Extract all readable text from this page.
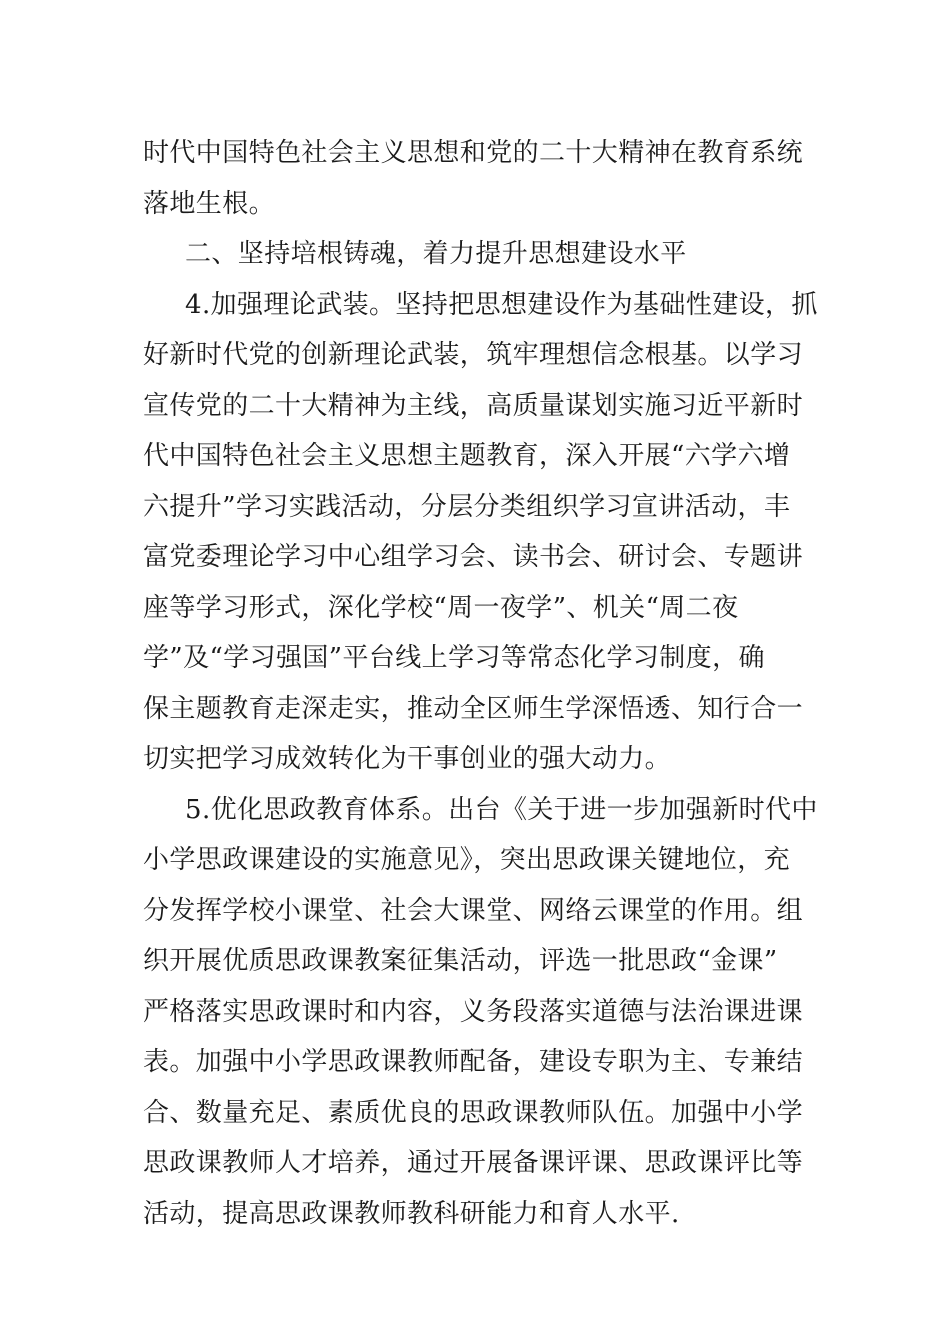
时代中国特色社会主义思想和党的二十大精神在教育系统
落地生根。
二、坚持培根铸魂，着力提升思想建设水平
4.加强理论武装。坚持把思想建设作为基础性建设，抓
好新时代党的创新理论武装，筑牢理想信念根基。以学习
宣传党的二十大精神为主线，高质量谋划实施习近平新时
代中国特色社会主义思想主题教育，深入开展“六学六增
六提升”学习实践活动，分层分类组织学习宣讲活动，丰
富党委理论学习中心组学习会、读书会、研讨会、专题讲
座等学习形式，深化学校“周一夜学”、机关“周二夜
学”及“学习强国”平台线上学习等常态化学习制度，确
保主题教育走深走实，推动全区师生学深悟透、知行合一
切实把学习成效转化为干事创业的强大动力。
5.优化思政教育体系。出台《关于进一步加强新时代中
小学思政课建设的实施意见》，突出思政课关键地位，充
分发挥学校小课堂、社会大课堂、网络云课堂的作用。组
织开展优质思政课教案征集活动，评选一批思政“金课”
严格落实思政课时和内容，义务段落实道德与法治课进课
表。加强中小学思政课教师配备，建设专职为主、专兼结
合、数量充足、素质优良的思政课教师队伍。加强中小学
思政课教师人才培养，通过开展备课评课、思政课评比等
活动，提高思政课教师教科研能力和育人水平.
